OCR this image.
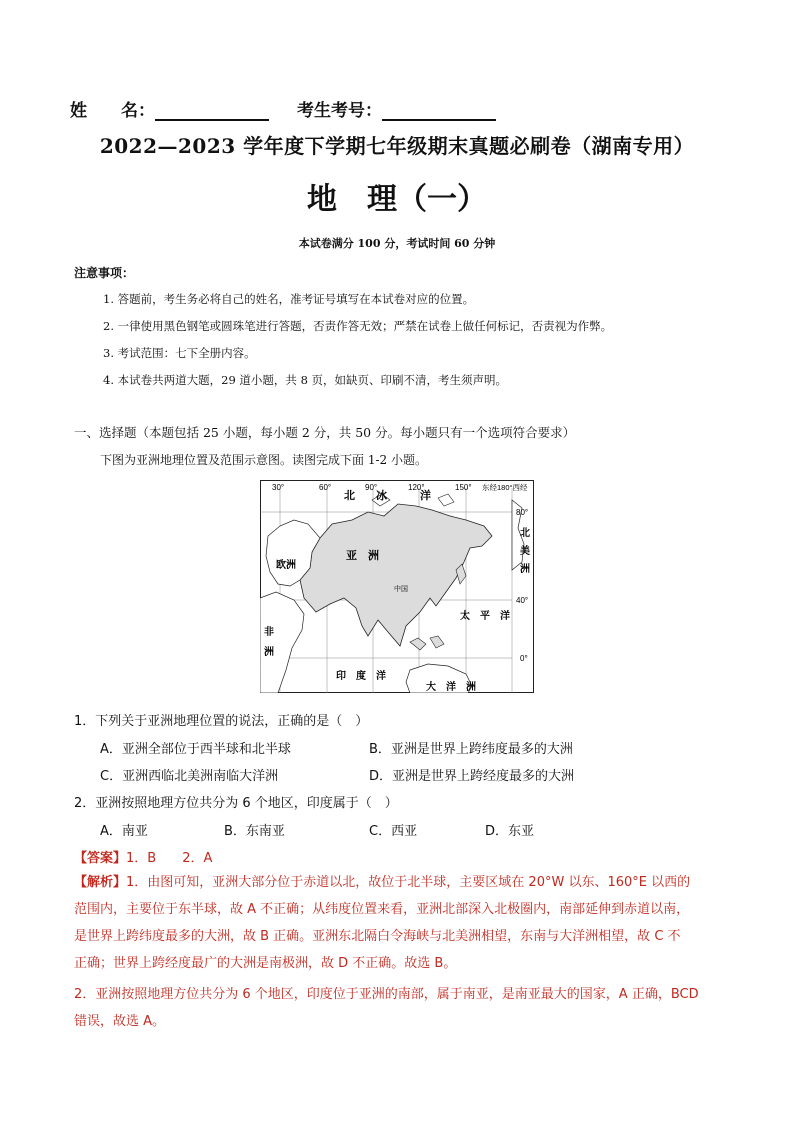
姓　　名：	考生考号：
2022—2023 学年度下学期七年级期末真题必刷卷（湖南专用）
地　理（一）
本试卷满分 100 分，考试时间 60 分钟
注意事项：
1. 答题前，考生务必将自己的姓名，准考证号填写在本试卷对应的位置。
2. 一律使用黑色钢笔或圆珠笔进行答题，否责作答无效；严禁在试卷上做任何标记，否责视为作弊。
3. 考试范围：七下全册内容。
4. 本试卷共两道大题，29 道小题，共 8 页，如缺页、印刷不清，考生须声明。
一、选择题（本题包括 25 小题，每小题 2 分，共 50 分。每小题只有一个选项符合要求）
下图为亚洲地理位置及范围示意图。读图完成下面 1-2 小题。
30°	60°	90°	120°	150° 东经180°西经
80°
40°
0°
北 冰	洋
亚　洲
欧洲
中国
北
美
洲
太　平　洋
非
洲
印　度　洋
大　洋　洲
1．下列关于亚洲地理位置的说法，正确的是（　）
A．亚洲全部位于西半球和北半球	B．亚洲是世界上跨纬度最多的大洲
C．亚洲西临北美洲南临大洋洲	D．亚洲是世界上跨经度最多的大洲
2．亚洲按照地理方位共分为 6 个地区，印度属于（　）
A．南亚	B．东南亚	C．西亚	D．东亚
【答案】1．B　　2．A
【解析】1．由图可知，亚洲大部分位于赤道以北，故位于北半球，主要区域在 20°W 以东、160°E 以西的
范围内，主要位于东半球，故 A 不正确；从纬度位置来看，亚洲北部深入北极圈内，南部延伸到赤道以南，
是世界上跨纬度最多的大洲，故 B 正确。亚洲东北隔白令海峡与北美洲相望，东南与大洋洲相望，故 C 不
正确；世界上跨经度最广的大洲是南极洲，故 D 不正确。故选 B。
2．亚洲按照地理方位共分为 6 个地区，印度位于亚洲的南部，属于南亚，是南亚最大的国家，A 正确，BCD
错误，故选 A。
